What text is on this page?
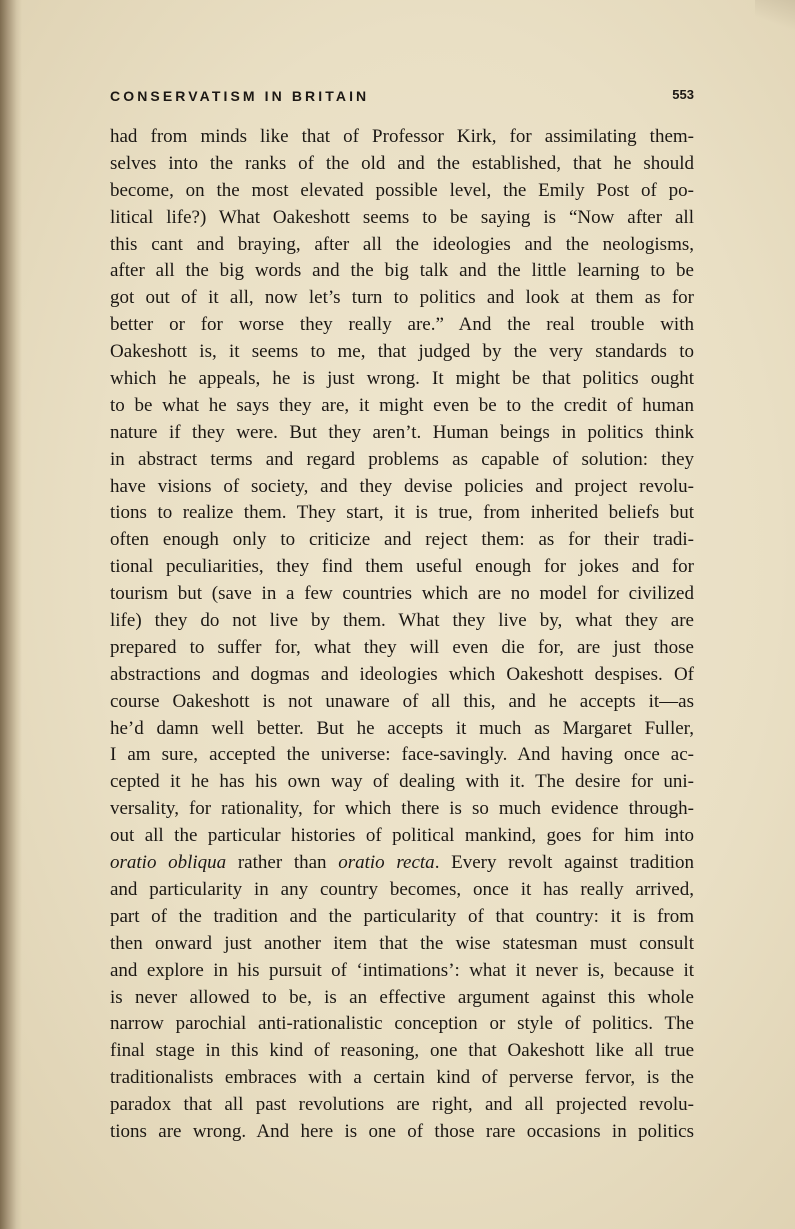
CONSERVATISM IN BRITAIN	553
had from minds like that of Professor Kirk, for assimilating them-
selves into the ranks of the old and the established, that he should
become, on the most elevated possible level, the Emily Post of po-
litical life?) What Oakeshott seems to be saying is “Now after all
this cant and braying, after all the ideologies and the neologisms,
after all the big words and the big talk and the little learning to be
got out of it all, now let’s turn to politics and look at them as for
better or for worse they really are.” And the real trouble with
Oakeshott is, it seems to me, that judged by the very standards to
which he appeals, he is just wrong. It might be that politics ought
to be what he says they are, it might even be to the credit of human
nature if they were. But they aren’t. Human beings in politics think
in abstract terms and regard problems as capable of solution: they
have visions of society, and they devise policies and project revolu-
tions to realize them. They start, it is true, from inherited beliefs but
often enough only to criticize and reject them: as for their tradi-
tional peculiarities, they find them useful enough for jokes and for
tourism but (save in a few countries which are no model for civilized
life) they do not live by them. What they live by, what they are
prepared to suffer for, what they will even die for, are just those
abstractions and dogmas and ideologies which Oakeshott despises. Of
course Oakeshott is not unaware of all this, and he accepts it—as
he’d damn well better. But he accepts it much as Margaret Fuller,
I am sure, accepted the universe: face-savingly. And having once ac-
cepted it he has his own way of dealing with it. The desire for uni-
versality, for rationality, for which there is so much evidence through-
out all the particular histories of political mankind, goes for him into
oratio obliqua rather than oratio recta. Every revolt against tradition
and particularity in any country becomes, once it has really arrived,
part of the tradition and the particularity of that country: it is from
then onward just another item that the wise statesman must consult
and explore in his pursuit of ‘intimations’: what it never is, because it
is never allowed to be, is an effective argument against this whole
narrow parochial anti-rationalistic conception or style of politics. The
final stage in this kind of reasoning, one that Oakeshott like all true
traditionalists embraces with a certain kind of perverse fervor, is the
paradox that all past revolutions are right, and all projected revolu-
tions are wrong. And here is one of those rare occasions in politics
